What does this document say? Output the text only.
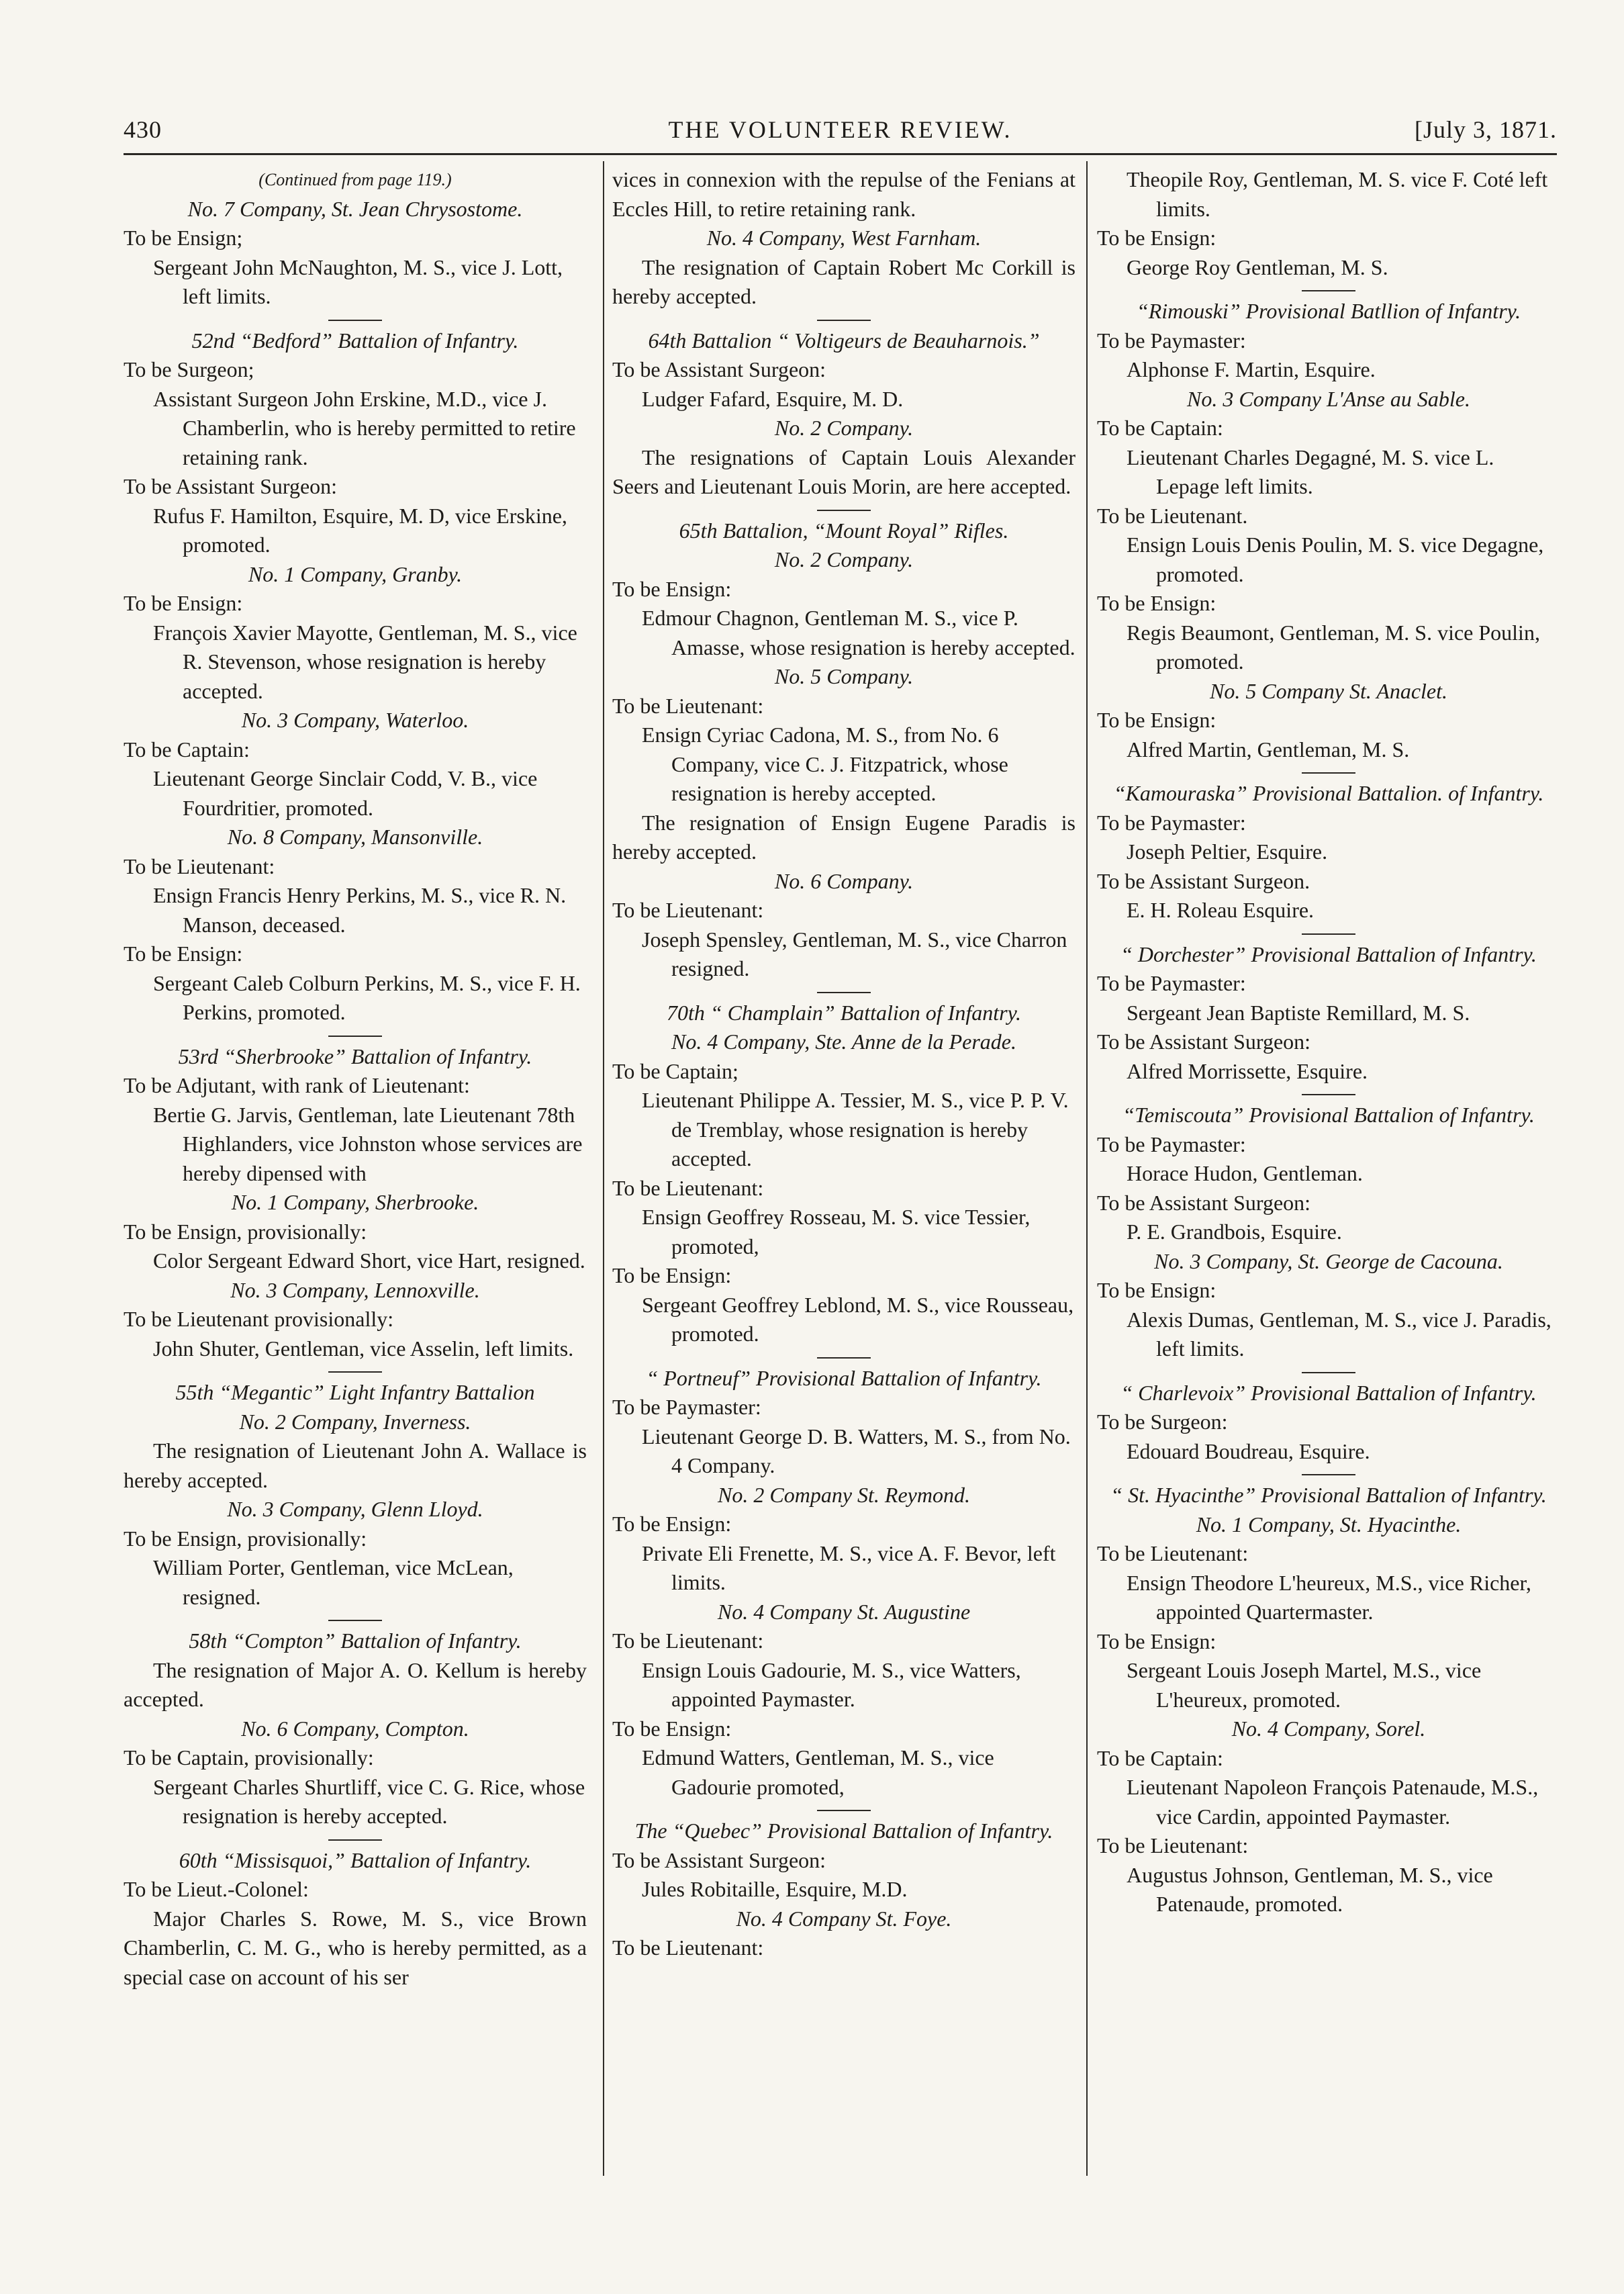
430	THE VOLUNTEER REVIEW.	[July 3, 1871.
(Continued from page 119.)
No. 7 Company, St. Jean Chrysostome.
To be Ensign;
Sergeant John McNaughton, M. S., vice J. Lott, left limits.
52nd “Bedford” Battalion of Infantry.
To be Surgeon;
Assistant Surgeon John Erskine, M.D., vice J. Chamberlin, who is hereby permitted to retire retaining rank.
To be Assistant Surgeon:
Rufus F. Hamilton, Esquire, M. D, vice Erskine, promoted.
No. 1 Company, Granby.
To be Ensign:
François Xavier Mayotte, Gentleman, M. S., vice R. Stevenson, whose resignation is hereby accepted.
No. 3 Company, Waterloo.
To be Captain:
Lieutenant George Sinclair Codd, V. B., vice Fourdritier, promoted.
No. 8 Company, Mansonville.
To be Lieutenant:
Ensign Francis Henry Perkins, M. S., vice R. N. Manson, deceased.
To be Ensign:
Sergeant Caleb Colburn Perkins, M. S., vice F. H. Perkins, promoted.
53rd “Sherbrooke” Battalion of Infantry.
To be Adjutant, with rank of Lieutenant:
Bertie G. Jarvis, Gentleman, late Lieutenant 78th Highlanders, vice Johnston whose services are hereby dipensed with
No. 1 Company, Sherbrooke.
To be Ensign, provisionally:
Color Sergeant Edward Short, vice Hart, resigned.
No. 3 Company, Lennoxville.
To be Lieutenant provisionally:
John Shuter, Gentleman, vice Asselin, left limits.
55th “Megantic” Light Infantry Battalion
No. 2 Company, Inverness.
The resignation of Lieutenant John A. Wallace is hereby accepted.
No. 3 Company, Glenn Lloyd.
To be Ensign, provisionally:
William Porter, Gentleman, vice McLean, resigned.
58th “Compton” Battalion of Infantry.
The resignation of Major A. O. Kellum is hereby accepted.
No. 6 Company, Compton.
To be Captain, provisionally:
Sergeant Charles Shurtliff, vice C. G. Rice, whose resignation is hereby accepted.
60th “Missisquoi,” Battalion of Infantry.
To be Lieut.-Colonel:
Major Charles S. Rowe, M. S., vice Brown Chamberlin, C. M. G., who is hereby permitted, as a special case on account of his ser
vices in connexion with the repulse of the Fenians at Eccles Hill, to retire retaining rank.
No. 4 Company, West Farnham.
The resignation of Captain Robert Mc Corkill is hereby accepted.
64th Battalion “ Voltigeurs de Beauharnois.”
To be Assistant Surgeon:
Ludger Fafard, Esquire, M. D.
No. 2 Company.
The resignations of Captain Louis Alexander Seers and Lieutenant Louis Morin, are here accepted.
65th Battalion, “Mount Royal” Rifles.
No. 2 Company.
To be Ensign:
Edmour Chagnon, Gentleman M. S., vice P. Amasse, whose resignation is hereby accepted.
No. 5 Company.
To be Lieutenant:
Ensign Cyriac Cadona, M. S., from No. 6 Company, vice C. J. Fitzpatrick, whose resignation is hereby accepted.
The resignation of Ensign Eugene Paradis is hereby accepted.
No. 6 Company.
To be Lieutenant:
Joseph Spensley, Gentleman, M. S., vice Charron resigned.
70th “ Champlain” Battalion of Infantry.
No. 4 Company, Ste. Anne de la Perade.
To be Captain;
Lieutenant Philippe A. Tessier, M. S., vice P. P. V. de Tremblay, whose resignation is hereby accepted.
To be Lieutenant:
Ensign Geoffrey Rosseau, M. S. vice Tessier, promoted,
To be Ensign:
Sergeant Geoffrey Leblond, M. S., vice Rousseau, promoted.
“ Portneuf” Provisional Battalion of Infantry.
To be Paymaster:
Lieutenant George D. B. Watters, M. S., from No. 4 Company.
No. 2 Company St. Reymond.
To be Ensign:
Private Eli Frenette, M. S., vice A. F. Bevor, left limits.
No. 4 Company St. Augustine
To be Lieutenant:
Ensign Louis Gadourie, M. S., vice Watters, appointed Paymaster.
To be Ensign:
Edmund Watters, Gentleman, M. S., vice Gadourie promoted,
The “Quebec” Provisional Battalion of Infantry.
To be Assistant Surgeon:
Jules Robitaille, Esquire, M.D.
No. 4 Company St. Foye.
To be Lieutenant:
Theopile Roy, Gentleman, M. S. vice F. Coté left limits.
To be Ensign:
George Roy Gentleman, M. S.
“Rimouski” Provisional Batllion of Infantry.
To be Paymaster:
Alphonse F. Martin, Esquire.
No. 3 Company L'Anse au Sable.
To be Captain:
Lieutenant Charles Degagné, M. S. vice L. Lepage left limits.
To be Lieutenant.
Ensign Louis Denis Poulin, M. S. vice Degagne, promoted.
To be Ensign:
Regis Beaumont, Gentleman, M. S. vice Poulin, promoted.
No. 5 Company St. Anaclet.
To be Ensign:
Alfred Martin, Gentleman, M. S.
“Kamouraska” Provisional Battalion. of Infantry.
To be Paymaster:
Joseph Peltier, Esquire.
To be Assistant Surgeon.
E. H. Roleau Esquire.
“ Dorchester” Provisional Battalion of Infantry.
To be Paymaster:
Sergeant Jean Baptiste Remillard, M. S.
To be Assistant Surgeon:
Alfred Morrissette, Esquire.
“Temiscouta” Provisional Battalion of Infantry.
To be Paymaster:
Horace Hudon, Gentleman.
To be Assistant Surgeon:
P. E. Grandbois, Esquire.
No. 3 Company, St. George de Cacouna.
To be Ensign:
Alexis Dumas, Gentleman, M. S., vice J. Paradis, left limits.
“ Charlevoix” Provisional Battalion of Infantry.
To be Surgeon:
Edouard Boudreau, Esquire.
“ St. Hyacinthe” Provisional Battalion of Infantry.
No. 1 Company, St. Hyacinthe.
To be Lieutenant:
Ensign Theodore L'heureux, M.S., vice Richer, appointed Quartermaster.
To be Ensign:
Sergeant Louis Joseph Martel, M.S., vice L'heureux, promoted.
No. 4 Company, Sorel.
To be Captain:
Lieutenant Napoleon François Patenaude, M.S., vice Cardin, appointed Paymaster.
To be Lieutenant:
Augustus Johnson, Gentleman, M. S., vice Patenaude, promoted.
